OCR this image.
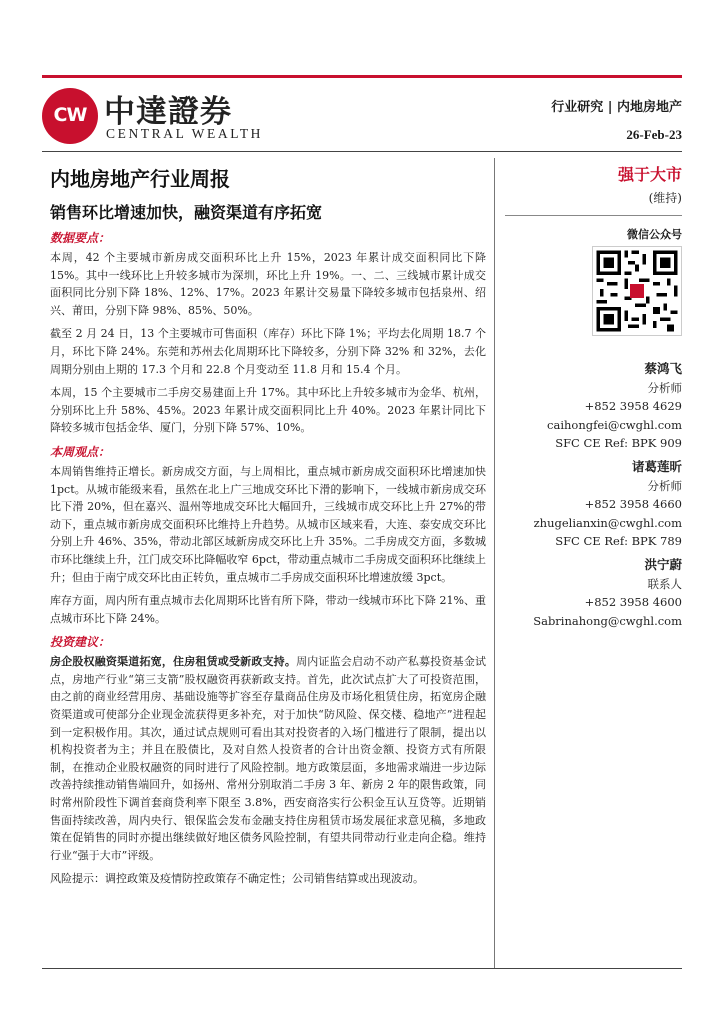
CW 中達證券
CENTRAL WEALTH
行业研究 | 内地房地产
26-Feb-23
内地房地产行业周报
销售环比增速加快，融资渠道有序拓宽
数据要点：

本周，42 个主要城市新房成交面积环比上升 15%，2023 年累计成交面积同比下降 15%。其中一线环比上升较多城市为深圳，环比上升 19%。一、二、三线城市累计成交面积同比分别下降 18%、12%、17%。2023 年累计交易量下降较多城市包括泉州、绍兴、莆田，分别下降 98%、85%、50%。

截至 2 月 24 日，13 个主要城市可售面积（库存）环比下降 1%；平均去化周期 18.7 个月，环比下降 24%。东莞和苏州去化周期环比下降较多，分别下降 32% 和 32%，去化周期分别由上期的 17.3 个月和 22.8 个月变动至 11.8 月和 15.4 个月。

本周，15 个主要城市二手房交易建面上升 17%。其中环比上升较多城市为金华、杭州，分别环比上升 58%、45%。2023 年累计成交面积同比上升 40%。2023 年累计同比下降较多城市包括金华、厦门，分别下降 57%、10%。

本周观点：

本周销售维持正增长。新房成交方面，与上周相比，重点城市新房成交面积环比增速加快 1pct。从城市能级来看，虽然在北上广三地成交环比下滑的影响下，一线城市新房成交环比下滑 20%，但在嘉兴、温州等地成交环比大幅回升，三线城市成交环比上升 27%的带动下，重点城市新房成交面积环比维持上升趋势。从城市区域来看，大连、泰安成交环比分别上升 46%、35%，带动北部区域新房成交环比上升 35%。二手房成交方面，多数城市环比继续上升，江门成交环比降幅收窄 6pct，带动重点城市二手房成交面积环比继续上升；但由于南宁成交环比由正转负，重点城市二手房成交面积环比增速放缓 3pct。

库存方面，周内所有重点城市去化周期环比皆有所下降，带动一线城市环比下降 21%、重点城市环比下降 24%。

投资建议：

房企股权融资渠道拓宽，住房租赁或受新政支持。周内证监会启动不动产私募投资基金试点，房地产行业“第三支箭”股权融资再获新政支持。首先，此次试点扩大了可投资范围，由之前的商业经营用房、基础设施等扩容至存量商品住房及市场化租赁住房，拓宽房企融资渠道或可使部分企业现金流获得更多补充，对于加快“防风险、保交楼、稳地产”进程起到一定积极作用。其次，通过试点规则可看出其对投资者的入场门槛进行了限制，提出以机构投资者为主；并且在股债比，及对自然人投资者的合计出资金额、投资方式有所限制，在推动企业股权融资的同时进行了风险控制。地方政策层面，多地需求端进一步边际改善持续推动销售端回升，如扬州、常州分别取消二手房 3 年、新房 2 年的限售政策，同时常州阶段性下调首套商贷利率下限至 3.8%，西安商洛实行公积金互认互贷等。近期销售面持续改善，周内央行、银保监会发布金融支持住房租赁市场发展征求意见稿，多地政策在促销售的同时亦提出继续做好地区债务风险控制，有望共同带动行业走向企稳。维持行业“强于大市”评级。

风险提示：调控政策及疫情防控政策存不确定性；公司销售结算或出现波动。

强于大市
(维持)
微信公众号
蔡鸿飞
分析师
+852 3958 4629
caihongfei@cwghl.com
SFC CE Ref: BPK 909
诸葛莲昕
分析师
+852 3958 4660
zhugelianxin@cwghl.com
SFC CE Ref: BPK 789
洪宁蔚
联系人
+852 3958 4600
Sabrinahong@cwghl.com
